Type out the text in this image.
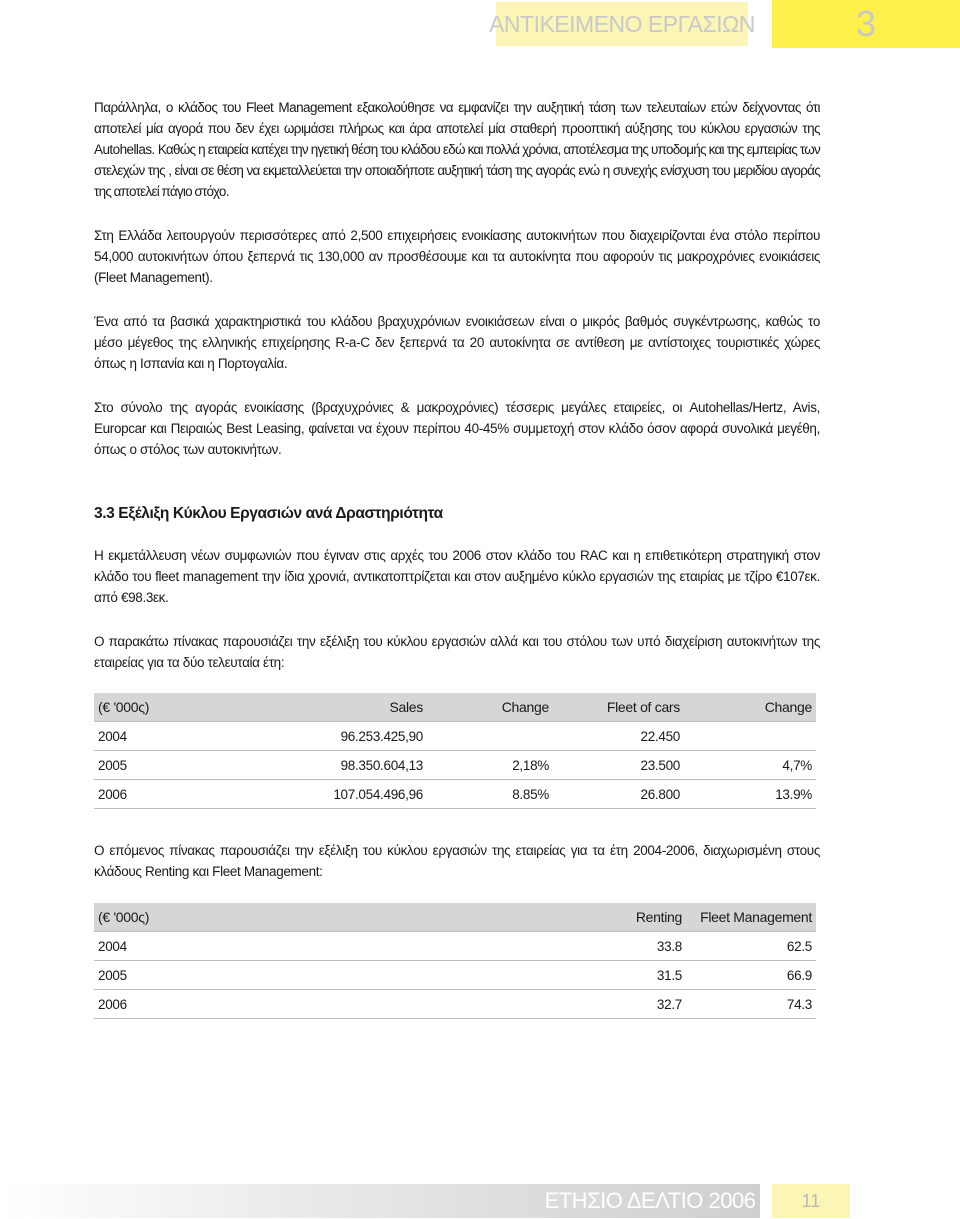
ΑΝΤΙΚΕΙΜΕΝΟ ΕΡΓΑΣΙΩΝ	3

Παράλληλα, ο κλάδος του Fleet Management εξακολούθησε να εμφανίζει την αυξητική τάση των τελευταίων ετών δείχνοντας ότι αποτελεί μία αγορά που δεν έχει ωριμάσει πλήρως και άρα αποτελεί μία σταθερή προοπτική αύξησης του κύκλου εργασιών της Autohellas. Καθώς η εταιρεία κατέχει την ηγετική θέση του κλάδου εδώ και πολλά χρόνια, αποτέλεσμα της υποδομής και της εμπειρίας των στελεχών της , είναι σε θέση να εκμεταλλεύεται την οποιαδήποτε αυξητική τάση της αγοράς ενώ η συνεχής ενίσχυση του μεριδίου αγοράς της αποτελεί πάγιο στόχο.

Στη Ελλάδα λειτουργούν περισσότερες από 2,500 επιχειρήσεις ενοικίασης αυτοκινήτων που διαχειρίζονται ένα στόλο περίπου 54,000 αυτοκινήτων όπου ξεπερνά τις 130,000 αν προσθέσουμε και τα αυτοκίνητα που αφορούν τις μακροχρόνιες ενοικιάσεις (Fleet Management).

Ένα από τα βασικά χαρακτηριστικά του κλάδου βραχυχρόνιων ενοικιάσεων είναι ο μικρός βαθμός συγκέντρωσης, καθώς το μέσο μέγεθος της ελληνικής επιχείρησης R-a-C δεν ξεπερνά τα 20 αυτοκίνητα σε αντίθεση με αντίστοιχες τουριστικές χώρες όπως η Ισπανία και η Πορτογαλία.

Στο σύνολο της αγοράς ενοικίασης (βραχυχρόνιες & μακροχρόνιες) τέσσερις μεγάλες εταιρείες, οι Autohellas/Hertz, Avis, Europcar και Πειραιώς Best Leasing, φαίνεται να έχουν περίπου 40-45% συμμετοχή στον κλάδο όσον αφορά συνολικά μεγέθη, όπως ο στόλος των αυτοκινήτων.

3.3 Εξέλιξη Κύκλου Εργασιών ανά Δραστηριότητα

Η εκμετάλλευση νέων συμφωνιών που έγιναν στις αρχές του 2006 στον κλάδο του RAC και η επιθετικότερη στρατηγική στον κλάδο του fleet management την ίδια χρονιά, αντικατοπτρίζεται και στον αυξημένο κύκλο εργασιών της εταιρίας με τζίρο €107εκ. από €98.3εκ.

Ο παρακάτω πίνακας παρουσιάζει την εξέλιξη του κύκλου εργασιών αλλά και του στόλου των υπό διαχείριση αυτοκινήτων της εταιρείας για τα δύο τελευταία έτη:

(€ '000ς)	Sales	Change	Fleet of cars	Change
2004	96.253.425,90		22.450	
2005	98.350.604,13	2,18%	23.500	4,7%
2006	107.054.496,96	8.85%	26.800	13.9%

Ο επόμενος πίνακας παρουσιάζει την εξέλιξη του κύκλου εργασιών της εταιρείας για τα έτη 2004-2006, διαχωρισμένη στους κλάδους Renting και Fleet Management:

(€ '000ς)	Renting	Fleet Management
2004	33.8	62.5
2005	31.5	66.9
2006	32.7	74.3
ΕΤΗΣΙΟ ΔΕΛΤΙΟ 2006	11
